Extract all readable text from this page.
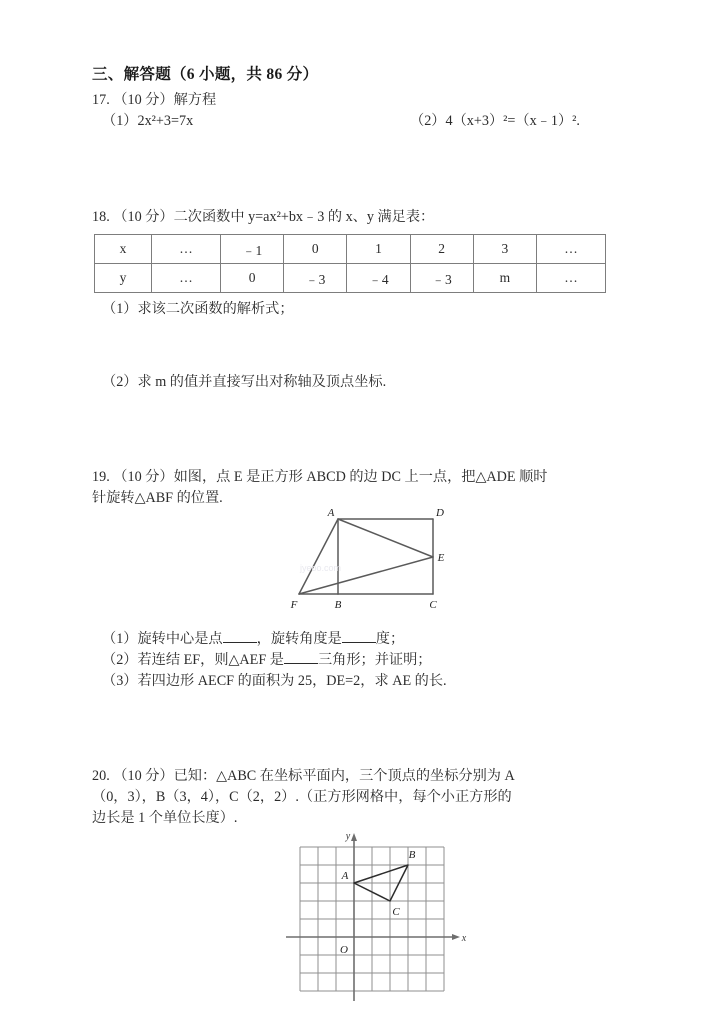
三、解答题（6 小题，共 86 分）
17. （10 分）解方程
（1）2x²+3=7x	（2）4（x+3）²=（x﹣1）².
18. （10 分）二次函数中 y=ax²+bx﹣3 的 x、y 满足表：
x	…	﹣1	0	1	2	3	…
y	…	0	﹣3	﹣4	﹣3	m	…
（1）求该二次函数的解析式；
（2）求 m 的值并直接写出对称轴及顶点坐标.
19. （10 分）如图，点 E 是正方形 ABCD 的边 DC 上一点，把△ADE 顺时
针旋转△ABF 的位置.
A	D
E
F	B	C
jyeoo.com
（1）旋转中心是点 ，旋转角度是 度；
（2）若连结 EF，则△AEF 是 三角形；并证明；
（3）若四边形 AECF 的面积为 25，DE=2，求 AE 的长.
20. （10 分）已知：△ABC 在坐标平面内，三个顶点的坐标分别为 A
（0，3），B（3，4），C（2，2）.（正方形网格中，每个小正方形的
边长是 1 个单位长度）.
y
x
O
A
B
C
